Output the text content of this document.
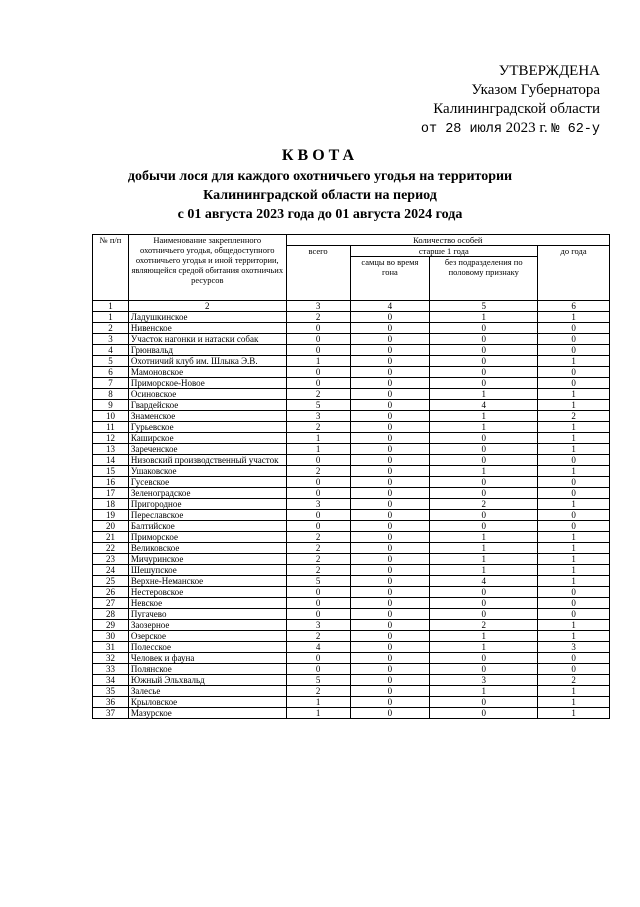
УТВЕРЖДЕНА
Указом Губернатора
Калининградской области
от 28 июля 2023 г. № 62-у
КВОТА
добычи лося для каждого охотничьего угодья на территории
Калининградской области на период
с 01 августа 2023 года до 01 августа 2024 года
№ п/п	Наименование закрепленного охотничьего угодья, общедоступного охотничьего угодья и иной территории, являющейся средой обитания охотничьих ресурсов	Количество особей			
		всего	старше 1 года		до года
			самцы во время гона	без подразделения по половому признаку	
1	2	3	4	5	6
1	Ладушкинское	2	0	1	1
2	Нивенское	0	0	0	0
3	Участок нагонки и натаски собак	0	0	0	0
4	Грюнвальд	0	0	0	0
5	Охотничий клуб им. Шлыка Э.В.	1	0	0	1
6	Мамоновское	0	0	0	0
7	Приморское-Новое	0	0	0	0
8	Осиновское	2	0	1	1
9	Гвардейское	5	0	4	1
10	Знаменское	3	0	1	2
11	Гурьевское	2	0	1	1
12	Каширское	1	0	0	1
13	Зареченское	1	0	0	1
14	Низовский производственный участок	0	0	0	0
15	Ушаковское	2	0	1	1
16	Гусевское	0	0	0	0
17	Зеленоградское	0	0	0	0
18	Пригородное	3	0	2	1
19	Переславское	0	0	0	0
20	Балтийское	0	0	0	0
21	Приморское	2	0	1	1
22	Великовское	2	0	1	1
23	Мичуринское	2	0	1	1
24	Шешупское	2	0	1	1
25	Верхне-Неманское	5	0	4	1
26	Нестеровское	0	0	0	0
27	Невское	0	0	0	0
28	Пугачево	0	0	0	0
29	Заозерное	3	0	2	1
30	Озерское	2	0	1	1
31	Полесское	4	0	1	3
32	Человек и фауна	0	0	0	0
33	Полянское	0	0	0	0
34	Южный Эльхвальд	5	0	3	2
35	Залесье	2	0	1	1
36	Крыловское	1	0	0	1
37	Мазурское	1	0	0	1
